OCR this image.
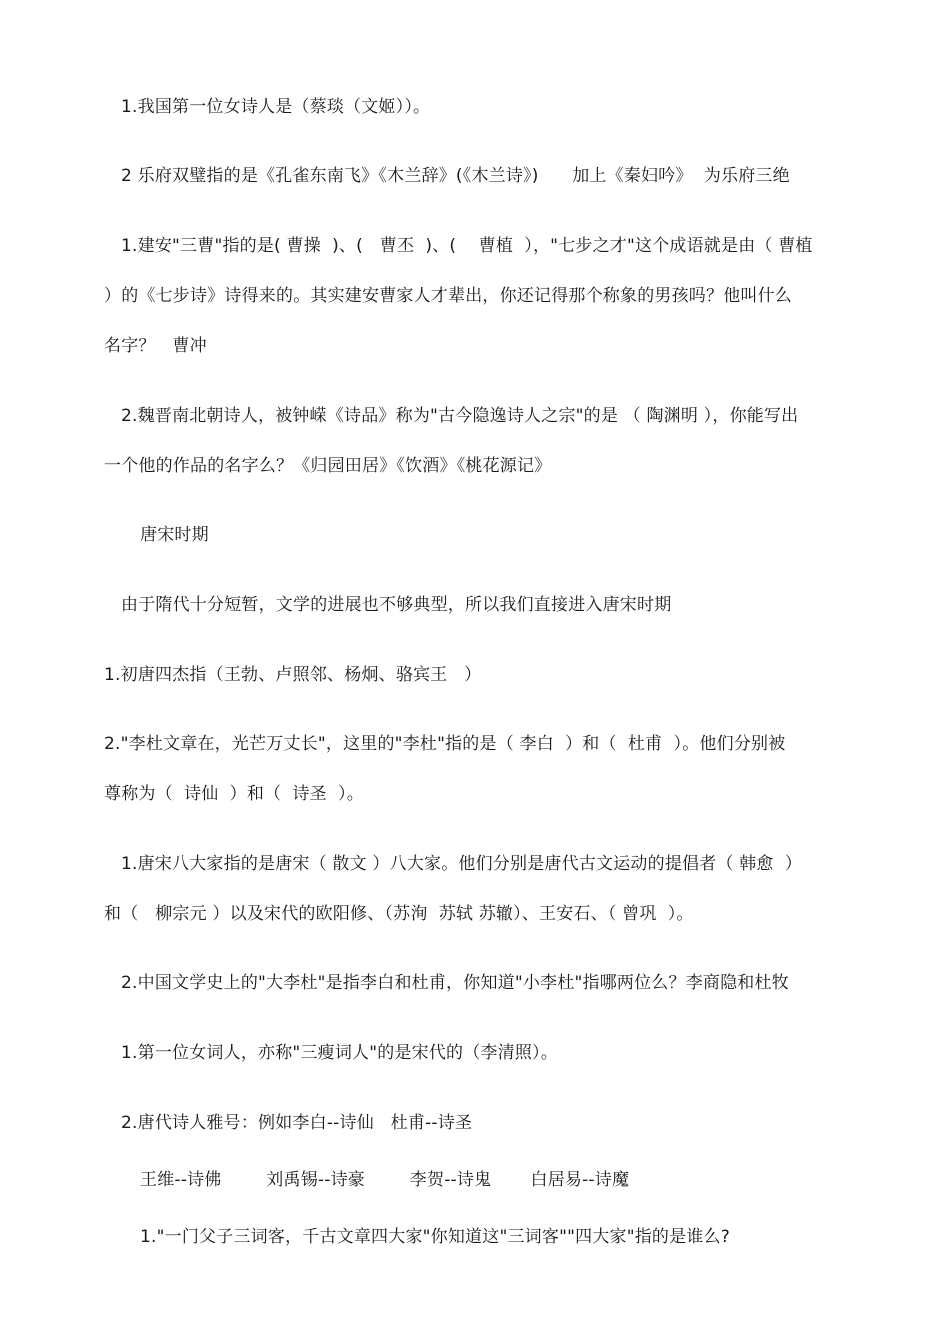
1.我国第一位女诗人是（蔡琰（文姬））。
2 乐府双璧指的是《孔雀东南飞》《木兰辞》(《木兰诗》)      加上《秦妇吟》  为乐府三绝
1.建安"三曹"指的是( 曹操  )、(   曹丕  )、(    曹植  ），"七步之才"这个成语就是由（ 曹植
）的《七步诗》诗得来的。其实建安曹家人才辈出，你还记得那个称象的男孩吗？他叫什么
名字？   曹冲
2.魏晋南北朝诗人，被钟嵘《诗品》称为"古今隐逸诗人之宗"的是 （ 陶渊明 ），你能写出
一个他的作品的名字么？《归园田居》《饮酒》《桃花源记》
唐宋时期
由于隋代十分短暂，文学的进展也不够典型，所以我们直接进入唐宋时期
1.初唐四杰指（王勃、卢照邻、杨炯、骆宾王   ）
2."李杜文章在，光芒万丈长"，这里的"李杜"指的是（ 李白  ）和（  杜甫  ）。他们分别被
尊称为（  诗仙  ）和（  诗圣  ）。
1.唐宋八大家指的是唐宋（ 散文 ）八大家。他们分别是唐代古文运动的提倡者（ 韩愈  ）
和（   柳宗元 ）以及宋代的欧阳修、（苏洵  苏轼 苏辙）、王安石、（ 曾巩  ）。
2.中国文学史上的"大李杜"是指李白和杜甫，你知道"小李杜"指哪两位么？李商隐和杜牧
1.第一位女词人，亦称"三瘦词人"的是宋代的（李清照）。
2.唐代诗人雅号：例如李白--诗仙   杜甫--诗圣
王维--诗佛        刘禹锡--诗豪        李贺--诗鬼       白居易--诗魔
1."一门父子三词客，千古文章四大家"你知道这"三词客""四大家"指的是谁么?
